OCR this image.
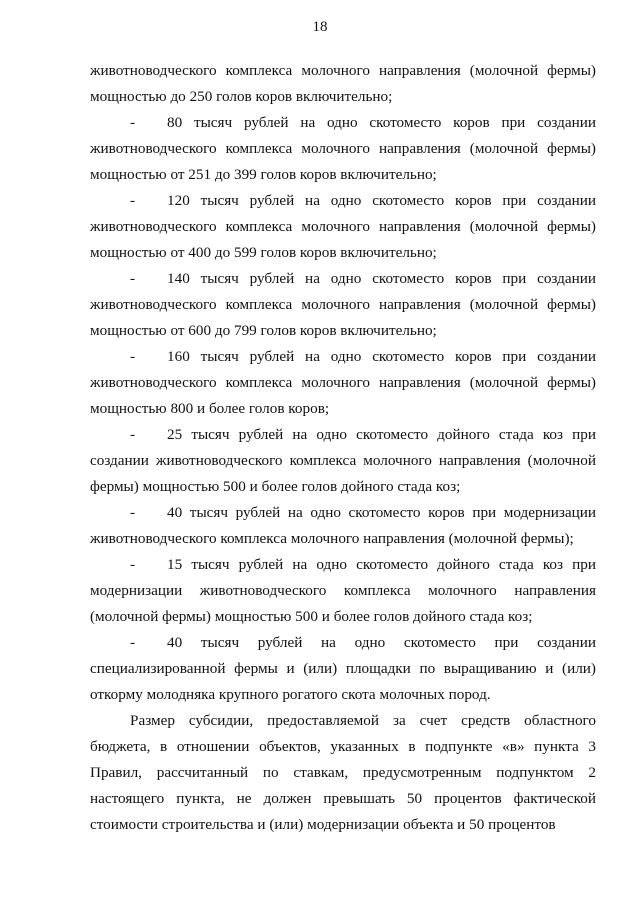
18

животноводческого комплекса молочного направления (молочной фермы) мощностью до 250 голов коров включительно;

- 80 тысяч рублей на одно скотоместо коров при создании животноводческого комплекса молочного направления (молочной фермы) мощностью от 251 до 399 голов коров включительно;

- 120 тысяч рублей на одно скотоместо коров при создании животноводческого комплекса молочного направления (молочной фермы) мощностью от 400 до 599 голов коров включительно;

- 140 тысяч рублей на одно скотоместо коров при создании животноводческого комплекса молочного направления (молочной фермы) мощностью от 600 до 799 голов коров включительно;

- 160 тысяч рублей на одно скотоместо коров при создании животноводческого комплекса молочного направления (молочной фермы) мощностью 800 и более голов коров;

- 25 тысяч рублей на одно скотоместо дойного стада коз при создании животноводческого комплекса молочного направления (молочной фермы) мощностью 500 и более голов дойного стада коз;

- 40 тысяч рублей на одно скотоместо коров при модернизации животноводческого комплекса молочного направления (молочной фермы);

- 15 тысяч рублей на одно скотоместо дойного стада коз при модернизации животноводческого комплекса молочного направления (молочной фермы) мощностью 500 и более голов дойного стада коз;

- 40 тысяч рублей на одно скотоместо при создании специализированной фермы и (или) площадки по выращиванию и (или) откорму молодняка крупного рогатого скота молочных пород.

Размер субсидии, предоставляемой за счет средств областного бюджета, в отношении объектов, указанных в подпункте «в» пункта 3 Правил, рассчитанный по ставкам, предусмотренным подпунктом 2 настоящего пункта, не должен превышать 50 процентов фактической стоимости строительства и (или) модернизации объекта и 50 процентов
